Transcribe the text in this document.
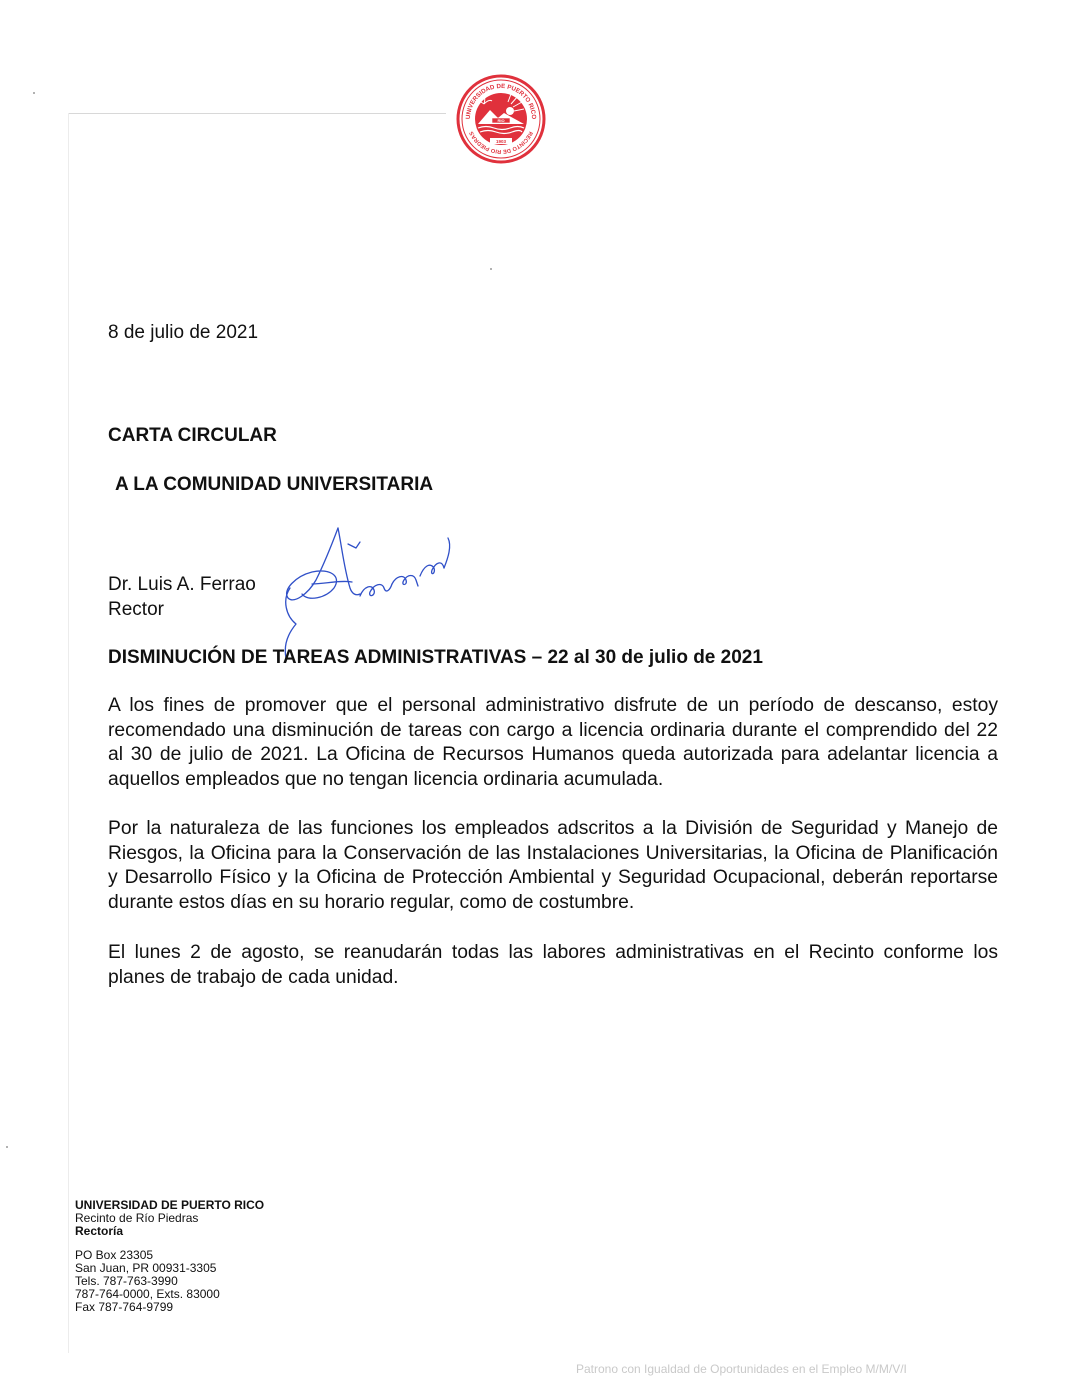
UNIVERSIDAD DE PUERTO RICO
RECINTO DE RIO PIEDRAS
RIO
1903
8 de julio de 2021
CARTA CIRCULAR
A LA COMUNIDAD UNIVERSITARIA
Dr. Luis A. Ferrao
Rector
DISMINUCIÓN DE TAREAS ADMINISTRATIVAS – 22 al 30 de julio de 2021

A los fines de promover que el personal administrativo disfrute de un período de descanso, estoy recomendado una disminución de tareas con cargo a licencia ordinaria durante el comprendido del 22 al 30 de julio de 2021. La Oficina de Recursos Humanos queda autorizada para adelantar licencia a aquellos empleados que no tengan licencia ordinaria acumulada.

Por la naturaleza de las funciones los empleados adscritos a la División de Seguridad y Manejo de Riesgos, la Oficina para la Conservación de las Instalaciones Universitarias, la Oficina de Planificación y Desarrollo Físico y la Oficina de Protección Ambiental y Seguridad Ocupacional, deberán reportarse durante estos días en su horario regular, como de costumbre.

El lunes 2 de agosto, se reanudarán todas las labores administrativas en el Recinto conforme los planes de trabajo de cada unidad.

UNIVERSIDAD DE PUERTO RICO
Recinto de Río Piedras
Rectoría
PO Box 23305
San Juan, PR 00931-3305
Tels. 787-763-3990
787-764-0000, Exts. 83000
Fax 787-764-9799
Patrono con Igualdad de Oportunidades en el Empleo M/M/V/I
